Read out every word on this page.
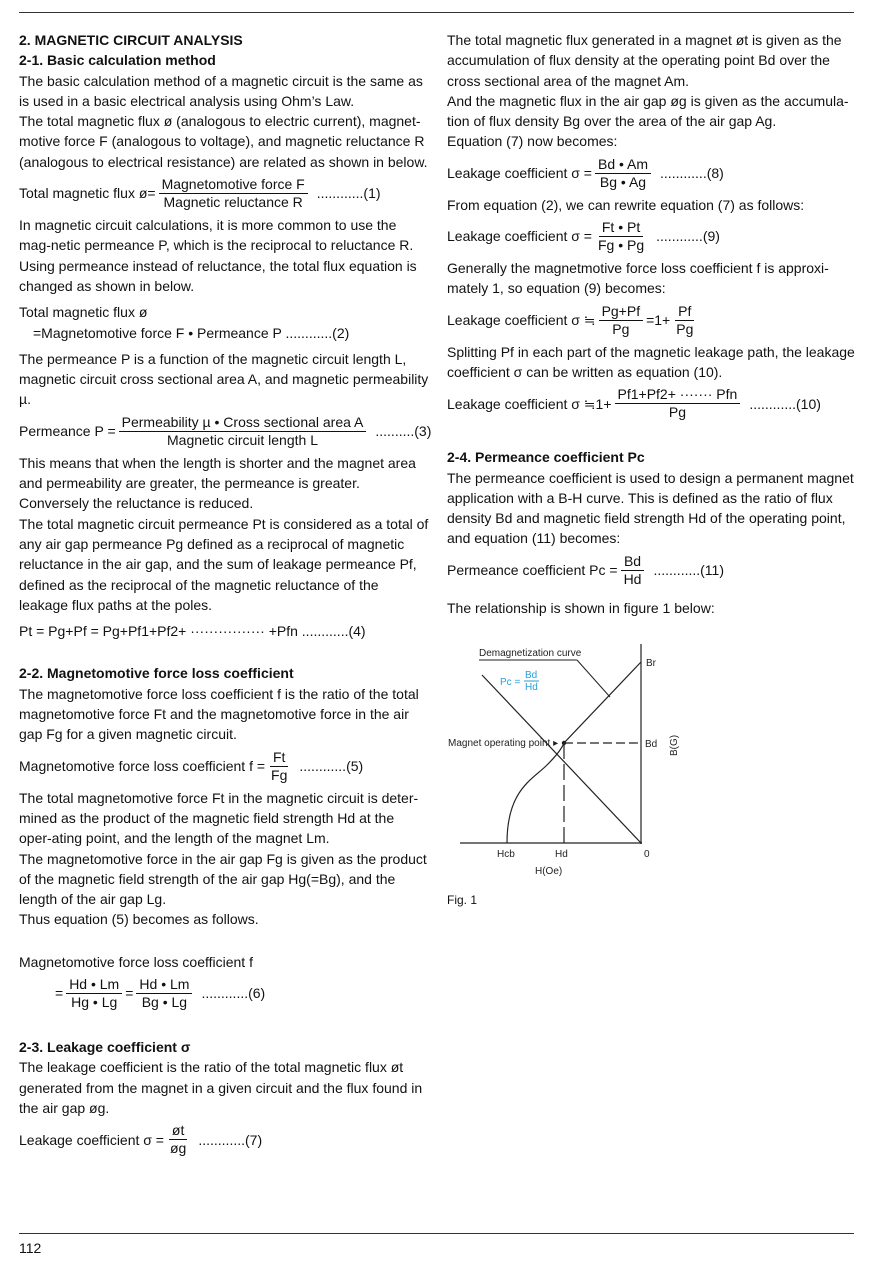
2. MAGNETIC CIRCUIT ANALYSIS
2-1. Basic calculation method

The basic calculation method of a magnetic circuit is the same as is used in a basic electrical analysis using Ohm’s Law.

The total magnetic flux ø (analogous to electric current), magnet-motive force F (analogous to voltage), and magnetic reluctance R (analogous to electrical resistance) are related as shown in below.

Total magnetic flux ø= $\frac{\text{Magnetomotive force F}}{\text{Magnetic reluctance R}} ............(1)$

In magnetic circuit calculations, it is more common to use the mag-netic permeance P, which is the reciprocal to reluctance R.

Using permeance instead of reluctance, the total flux equation is changed as shown in below.

Total magnetic flux ø

=Magnetomotive force F • Permeance P ............(2)

The permeance P is a function of the magnetic circuit length L, magnetic circuit cross sectional area A, and magnetic permeability µ.

Permeance $P = \frac{\text{Permeability µ • Cross sectional area A}}{\text{Magnetic circuit length L}} ..........(3)$

This means that when the length is shorter and the magnet area and permeability are greater, the permeance is greater. Conversely the reluctance is reduced.

The total magnetic circuit permeance Pt is considered as a total of any air gap permeance Pg defined as a reciprocal of magnetic reluctance in the air gap, and the sum of leakage permeance Pf, defined as the reciprocal of the magnetic reluctance of the leakage flux paths at the poles.

Pt = Pg+Pf = Pg+Pf1+Pf2+ ················ +Pfn ............(4)

2-2. Magnetomotive force loss coefficient

The magnetomotive force loss coefficient f is the ratio of the total magnetomotive force Ft and the magnetomotive force in the air gap Fg for a given magnetic circuit.

Magnetomotive force loss coefficient $f = \frac{Ft}{Fg} ............(5)$

The total magnetomotive force Ft in the magnetic circuit is deter-mined as the product of the magnetic field strength Hd at the oper-ating point, and the length of the magnet Lm.

The magnetomotive force in the air gap Fg is given as the product of the magnetic field strength of the air gap Hg(=Bg), and the length of the air gap Lg.

Thus equation (5) becomes as follows.

Magnetomotive force loss coefficient f

= $\frac{Hd • Lm}{Hg • Lg} = \frac{Hd • Lm}{Bg • Lg} ............(6)$
2-3. Leakage coefficient σ

The leakage coefficient is the ratio of the total magnetic flux øt generated from the magnet in a given circuit and the flux found in the air gap øg.

Leakage coefficient $\sigma = \frac{øt}{øg} ............(7)$

The total magnetic flux generated in a magnet øt is given as the accumulation of flux density at the operating point Bd over the cross sectional area of the magnet Am.

And the magnetic flux in the air gap øg is given as the accumula-tion of flux density Bg over the area of the air gap Ag.

Equation (7) now becomes:

Leakage coefficient $\sigma = \frac{Bd • Am}{Bg • Ag} ............(8)$

From equation (2), we can rewrite equation (7) as follows:

Leakage coefficient $\sigma = \frac{Ft • Pt}{Fg • Pg} ............(9)$

Generally the magnetmotive force loss coefficient f is approxi-mately 1, so equation (9) becomes:

Leakage coefficient σ ≒ $\frac{Pg+Pf}{Pg} =1+ \frac{Pf}{Pg}$

Splitting Pf in each part of the magnetic leakage path, the leakage coefficient σ can be written as equation (10).

Leakage coefficient σ ≒1+ $\frac{\text{Pf1+Pf2+ ······· Pfn}}{Pg} ............(10)$
2-4. Permeance coefficient Pc

The permeance coefficient is used to design a permanent magnet application with a B-H curve. This is defined as the ratio of flux density Bd and magnetic field strength Hd of the operating point, and equation (11) becomes:

Permeance coefficient $Pc = \frac{Bd}{Hd} ............(11)$

The relationship is shown in figure 1 below:

Demagnetization curve
Br
Bd
Magnet operating point ▸
Hcb	Hd	0
H(Oe)
B(G)
Pc =
Bd
Hd
Fig. 1
112
